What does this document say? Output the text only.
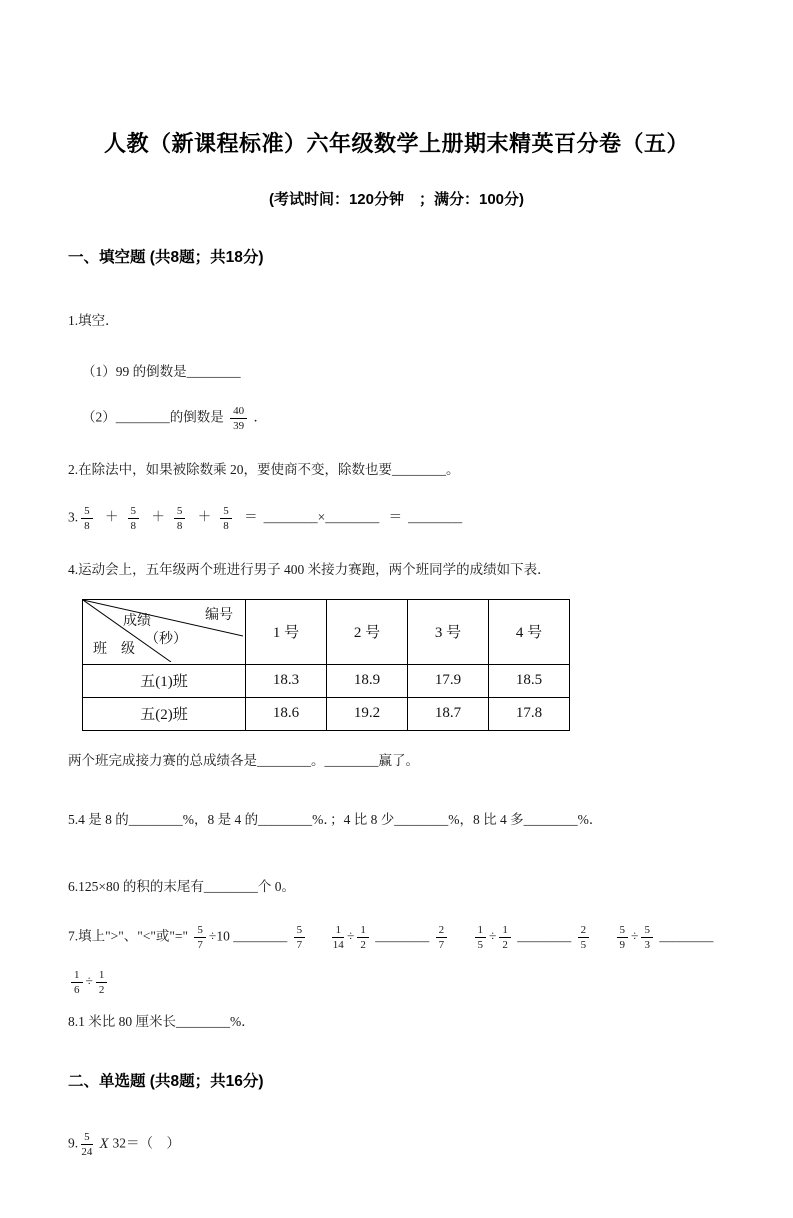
人教（新课程标准）六年级数学上册期末精英百分卷（五）
(考试时间：120分钟　；满分：100分)
一、填空题 (共8题；共18分)
1.填空．
（1）99 的倒数是________
（2）________的倒数是 $\frac{40}{39}$ ．
2.在除法中，如果被除数乘 20，要使商不变，除数也要________。
3. $\frac{5}{8} + \frac{5}{8} + \frac{5}{8} + \frac{5}{8}$ ＝ ________×________ ＝ ________
4.运动会上，五年级两个班进行男子 400 米接力赛跑，两个班同学的成绩如下表．
编号
成绩
（秒）
班　级	1 号	2 号	3 号	4 号
五(1)班	18.3	18.9	17.9	18.5
五(2)班	18.6	19.2	18.7	17.8
两个班完成接力赛的总成绩各是________。________赢了。
5.4 是 8 的________%，8 是 4 的________%．；4 比 8 少________%，8 比 4 多________%．
6.125×80 的积的末尾有________个 0。
7.填上">"、"<"或"=" $\frac{5}{7} \div 10$ ________ $\frac{5}{7}$
$\frac{1}{14} \div \frac{1}{2}$ ________ $\frac{2}{7}$
$\frac{1}{5} \div \frac{1}{2}$ ________ $\frac{2}{5}$
$\frac{5}{9} \div \frac{5}{3}$ ________
$\frac{1}{6} \div \frac{1}{2}$
8.1 米比 80 厘米长________%．
二、单选题 (共8题；共16分)
9. $\frac{5}{24}$ X 32＝（　）
